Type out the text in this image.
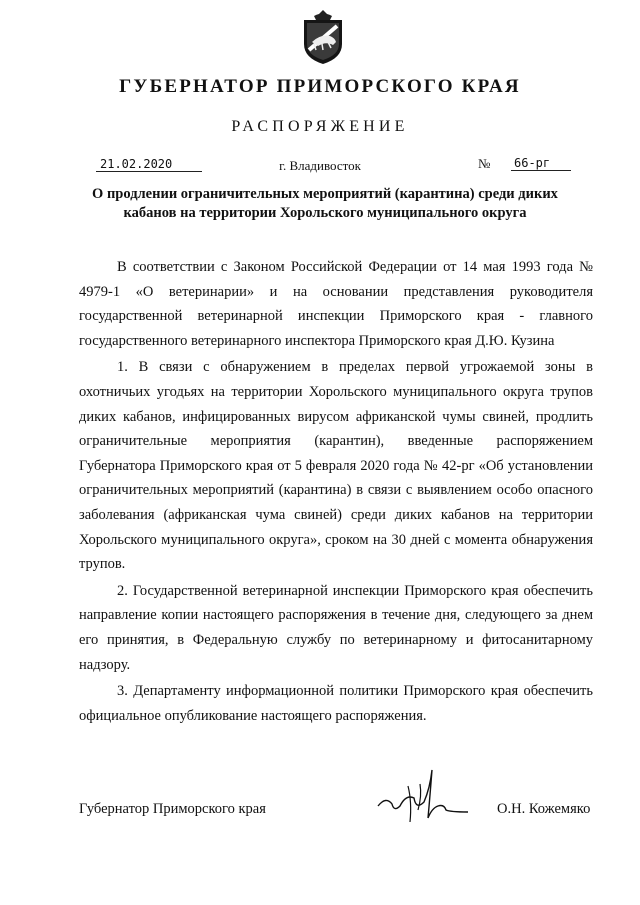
ГУБЕРНАТОР ПРИМОРСКОГО КРАЯ
РАСПОРЯЖЕНИЕ
21.02.2020	г. Владивосток	№ 66-рг
О продлении ограничительных мероприятий (карантина) среди диких кабанов на территории Хорольского муниципального округа

В соответствии с Законом Российской Федерации от 14 мая 1993 года № 4979-1 «О ветеринарии» и на основании представления руководителя государственной ветеринарной инспекции Приморского края - главного государственного ветеринарного инспектора Приморского края Д.Ю. Кузина

1. В связи с обнаружением в пределах первой угрожаемой зоны в охотничьих угодьях на территории Хорольского муниципального округа трупов диких кабанов, инфицированных вирусом африканской чумы свиней, продлить ограничительные мероприятия (карантин), введенные распоряжением Губернатора Приморского края от 5 февраля 2020 года № 42-рг «Об установлении ограничительных мероприятий (карантина) в связи с выявлением особо опасного заболевания (африканская чума свиней) среди диких кабанов на территории Хорольского муниципального округа», сроком на 30 дней с момента обнаружения трупов.

2. Государственной ветеринарной инспекции Приморского края обеспечить направление копии настоящего распоряжения в течение дня, следующего за днем его принятия, в Федеральную службу по ветеринарному и фитосанитарному надзору.

3. Департаменту информационной политики Приморского края обеспечить официальное опубликование настоящего распоряжения.

Губернатор Приморского края	О.Н. Кожемяко
